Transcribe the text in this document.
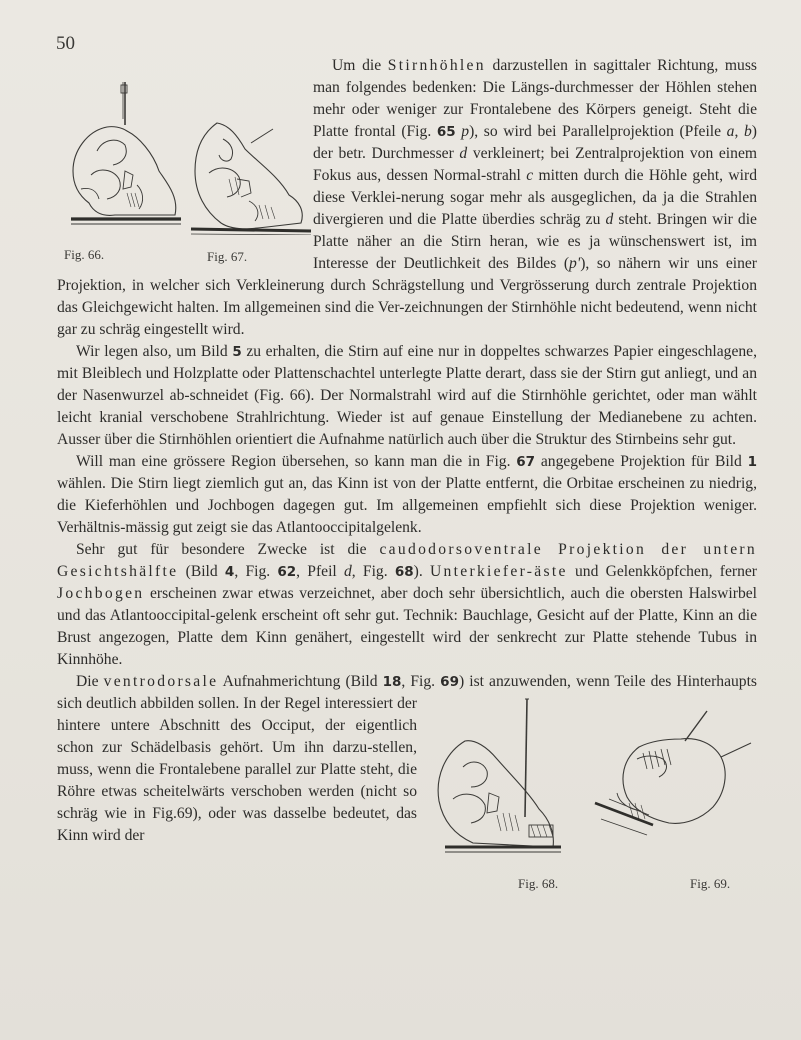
50
Fig. 66.	Fig. 67.
Um die Stirnhöhlen darzustellen in sagittaler Richtung, muss man folgendes bedenken: Die Längs-durchmesser der Höhlen stehen mehr oder weniger zur Frontalebene des Körpers geneigt. Steht die Platte frontal (Fig. 65 p), so wird bei Parallelprojektion (Pfeile a, b) der betr. Durchmesser d verkleinert; bei Zentralprojektion von einem Fokus aus, dessen Normal-strahl c mitten durch die Höhle geht, wird diese Verklei-nerung sogar mehr als ausgeglichen, da ja die Strahlen divergieren und die Platte überdies schräg zu d steht. Bringen wir die Platte näher an die Stirn heran, wie es ja wünschenswert ist, im Interesse der Deutlichkeit des Bildes (p'), so nähern wir uns einer Projektion, in welcher sich Verkleinerung durch Schrägstellung und Vergrösserung durch zentrale Projektion das Gleichgewicht halten. Im allgemeinen sind die Ver-zeichnungen der Stirnhöhle nicht bedeutend, wenn nicht gar zu schräg eingestellt wird.
Wir legen also, um Bild 5 zu erhalten, die Stirn auf eine nur in doppeltes schwarzes Papier eingeschlagene, mit Bleiblech und Holzplatte oder Plattenschachtel unterlegte Platte derart, dass sie der Stirn gut anliegt, und an der Nasenwurzel ab-schneidet (Fig. 66). Der Normalstrahl wird auf die Stirnhöhle gerichtet, oder man wählt leicht kranial verschobene Strahlrichtung. Wieder ist auf genaue Einstellung der Medianebene zu achten. Ausser über die Stirnhöhlen orientiert die Aufnahme natürlich auch über die Struktur des Stirnbeins sehr gut.
Will man eine grössere Region übersehen, so kann man die in Fig. 67 angegebene Projektion für Bild 1 wählen. Die Stirn liegt ziemlich gut an, das Kinn ist von der Platte entfernt, die Orbitae erscheinen zu niedrig, die Kieferhöhlen und Jochbogen dagegen gut. Im allgemeinen empfiehlt sich diese Projektion weniger. Verhältnis-mässig gut zeigt sie das Atlantooccipitalgelenk.
Sehr gut für besondere Zwecke ist die caudodorsoventrale Projektion der untern Gesichtshälfte (Bild 4, Fig. 62, Pfeil d, Fig. 68). Unterkiefer-äste und Gelenkköpfchen, ferner Jochbogen erscheinen zwar etwas verzeichnet, aber doch sehr übersichtlich, auch die obersten Halswirbel und das Atlantooccipital-gelenk erscheint oft sehr gut. Technik: Bauchlage, Gesicht auf der Platte, Kinn an die Brust angezogen, Platte dem Kinn genähert, eingestellt wird der senkrecht zur Platte stehende Tubus in Kinnhöhe.
Die ventrodorsale Aufnahmerichtung (Bild 18, Fig. 69) ist anzuwenden, wenn
Fig. 68.	Fig. 69.
Teile des Hinterhaupts sich deutlich abbilden sollen. In der Regel interessiert der hintere untere Abschnitt des Occiput, der eigentlich schon zur Schädelbasis gehört. Um ihn darzu-stellen, muss, wenn die Frontalebene parallel zur Platte steht, die Röhre etwas scheitelwärts verschoben werden (nicht so schräg wie in Fig.69), oder was dasselbe bedeutet, das Kinn wird der
